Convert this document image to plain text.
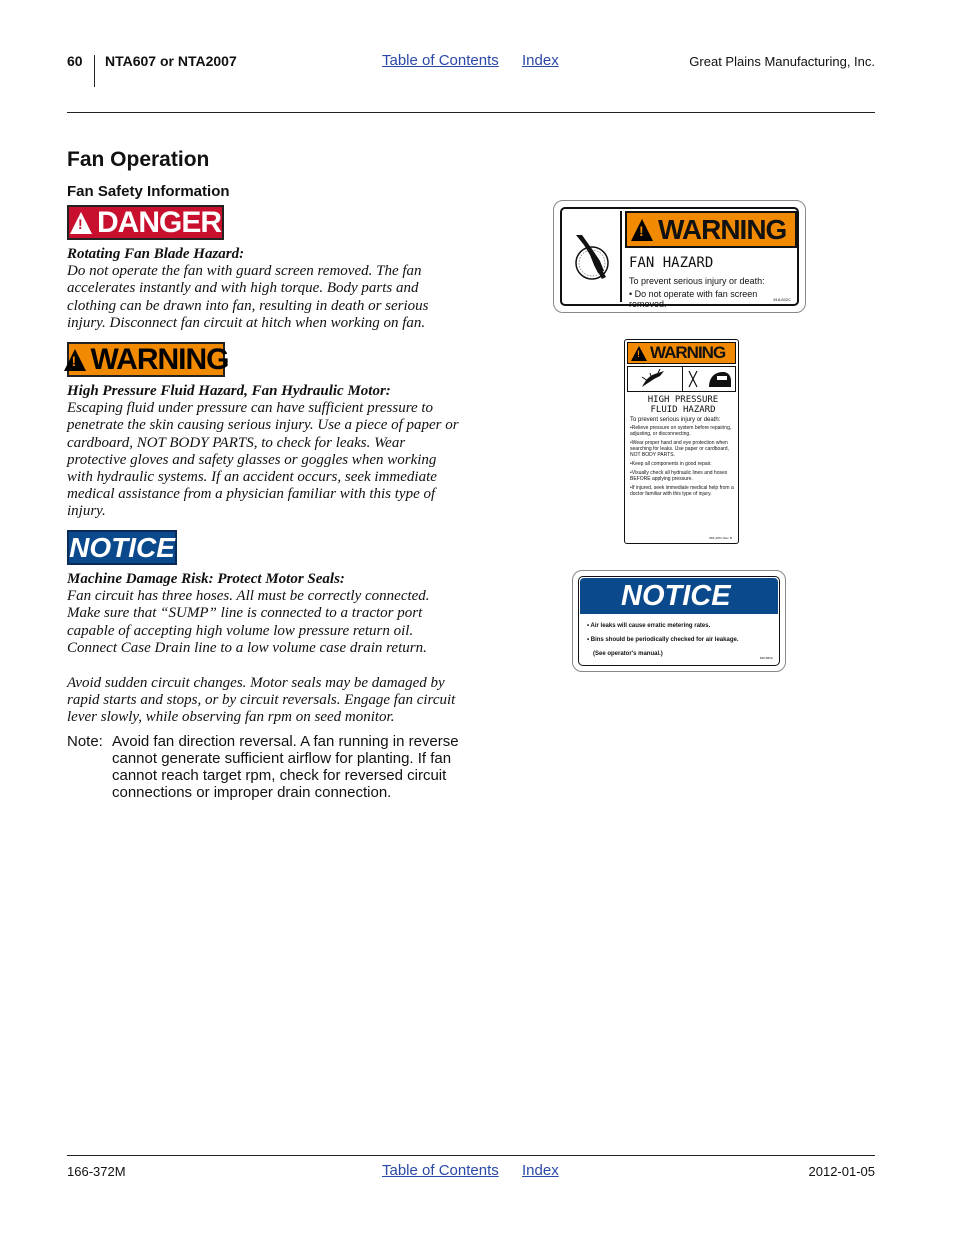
60 NTA607 or NTA2007	Table of Contents Index	Great Plains Manufacturing, Inc.
Fan Operation
Fan Safety Information
! DANGER
Rotating Fan Blade Hazard:
Do not operate the fan with guard screen removed. The fan accelerates instantly and with high torque. Body parts and clothing can be drawn into fan, resulting in death or serious injury. Disconnect fan circuit at hitch when working on fan.
! WARNING
High Pressure Fluid Hazard, Fan Hydraulic Motor:
Escaping fluid under pressure can have sufficient pressure to penetrate the skin causing serious injury. Use a piece of paper or cardboard, NOT BODY PARTS, to check for leaks. Wear protective gloves and safety glasses or goggles when working with hydraulic systems. If an accident occurs, seek immediate medical assistance from a physician familiar with this type of injury.
NOTICE
Machine Damage Risk: Protect Motor Seals:
Fan circuit has three hoses. All must be correctly connected. Make sure that “SUMP” line is connected to a tractor port capable of accepting high volume low pressure return oil. Connect Case Drain line to a low volume case drain return.
Avoid sudden circuit changes. Motor seals may be damaged by rapid starts and stops, or by circuit reversals. Engage fan circuit lever slowly, while observing fan rpm on seed monitor.
Note: Avoid fan direction reversal. A fan running in reverse cannot generate sufficient airflow for planting. If fan cannot reach target rpm, check for reversed circuit connections or improper drain connection.
! WARNING
FAN HAZARD
To prevent serious injury or death:
• Do not operate with fan screen removed.	818-602C
! WARNING
HIGH PRESSURE FLUID HAZARD

To prevent serious injury or death:

•Relieve pressure on system before repairing, adjusting, or disconnecting.

•Wear proper hand and eye protection when searching for leaks. Use paper or cardboard, NOT BODY PARTS.

•Keep all components in good repair.

•Visually check all hydraulic lines and hoses BEFORE applying pressure.

•If injured, seek immediate medical help from a doctor familiar with this type of injury.

818-437C Rev. B
NOTICE

• Air leaks will cause erratic metering rates.

• Bins should be periodically checked for air leakage.

(See operator's manual.)

818-584C
166-372M	Table of Contents Index	2012-01-05
